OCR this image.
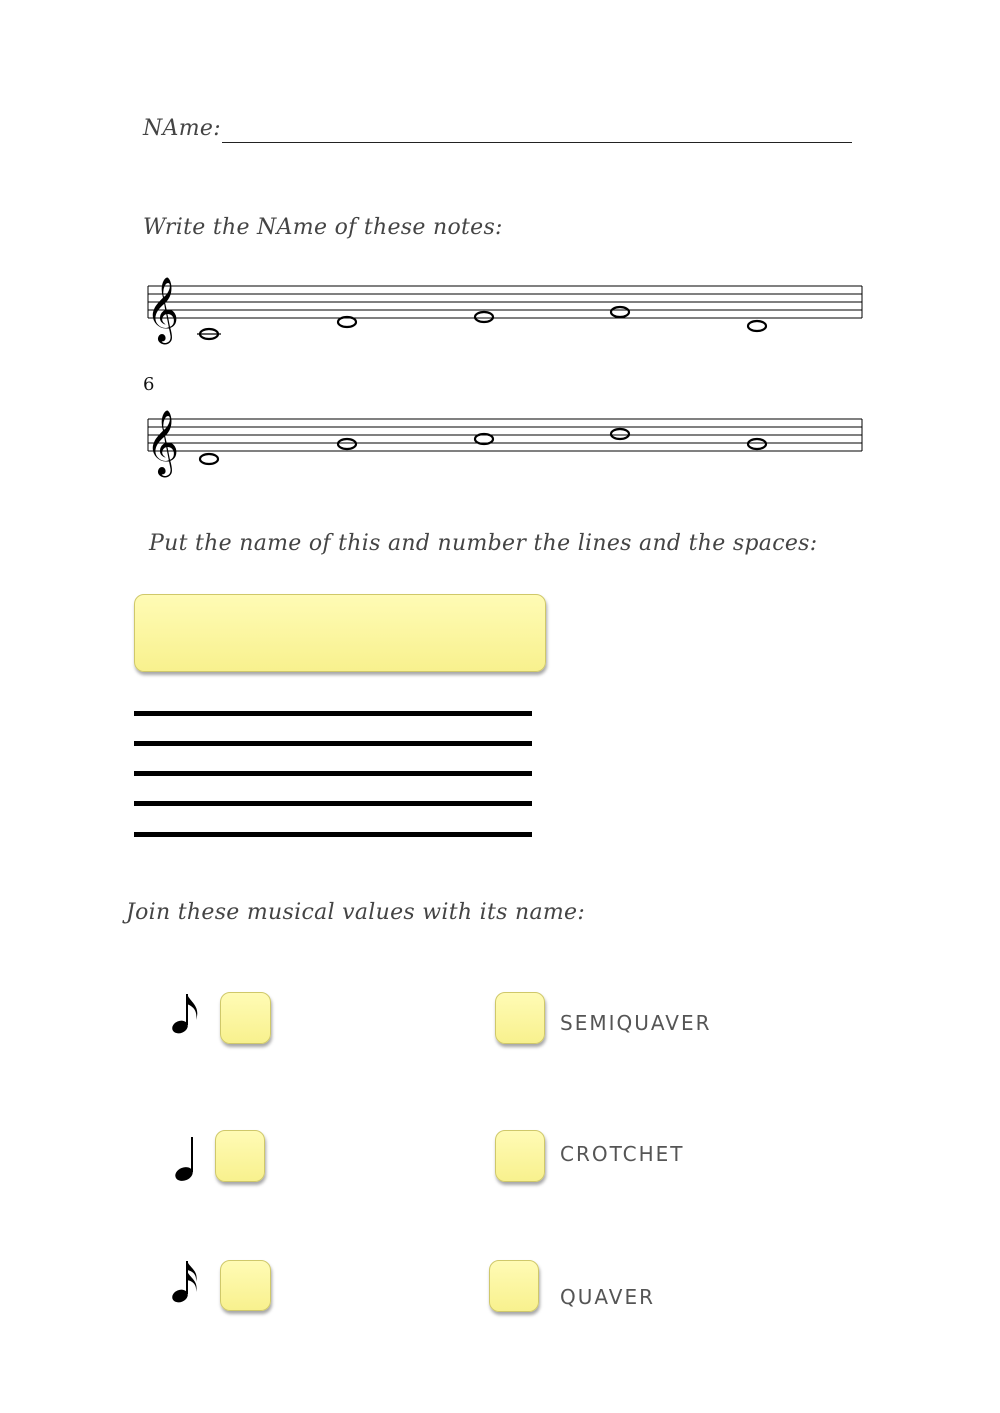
NAme:
Write the NAme of these notes:
𝄞
6
𝄞
Put the name of this and number the lines and the spaces:
Join these musical values with its name:
SEMIQUAVER
CROTCHET
QUAVER
